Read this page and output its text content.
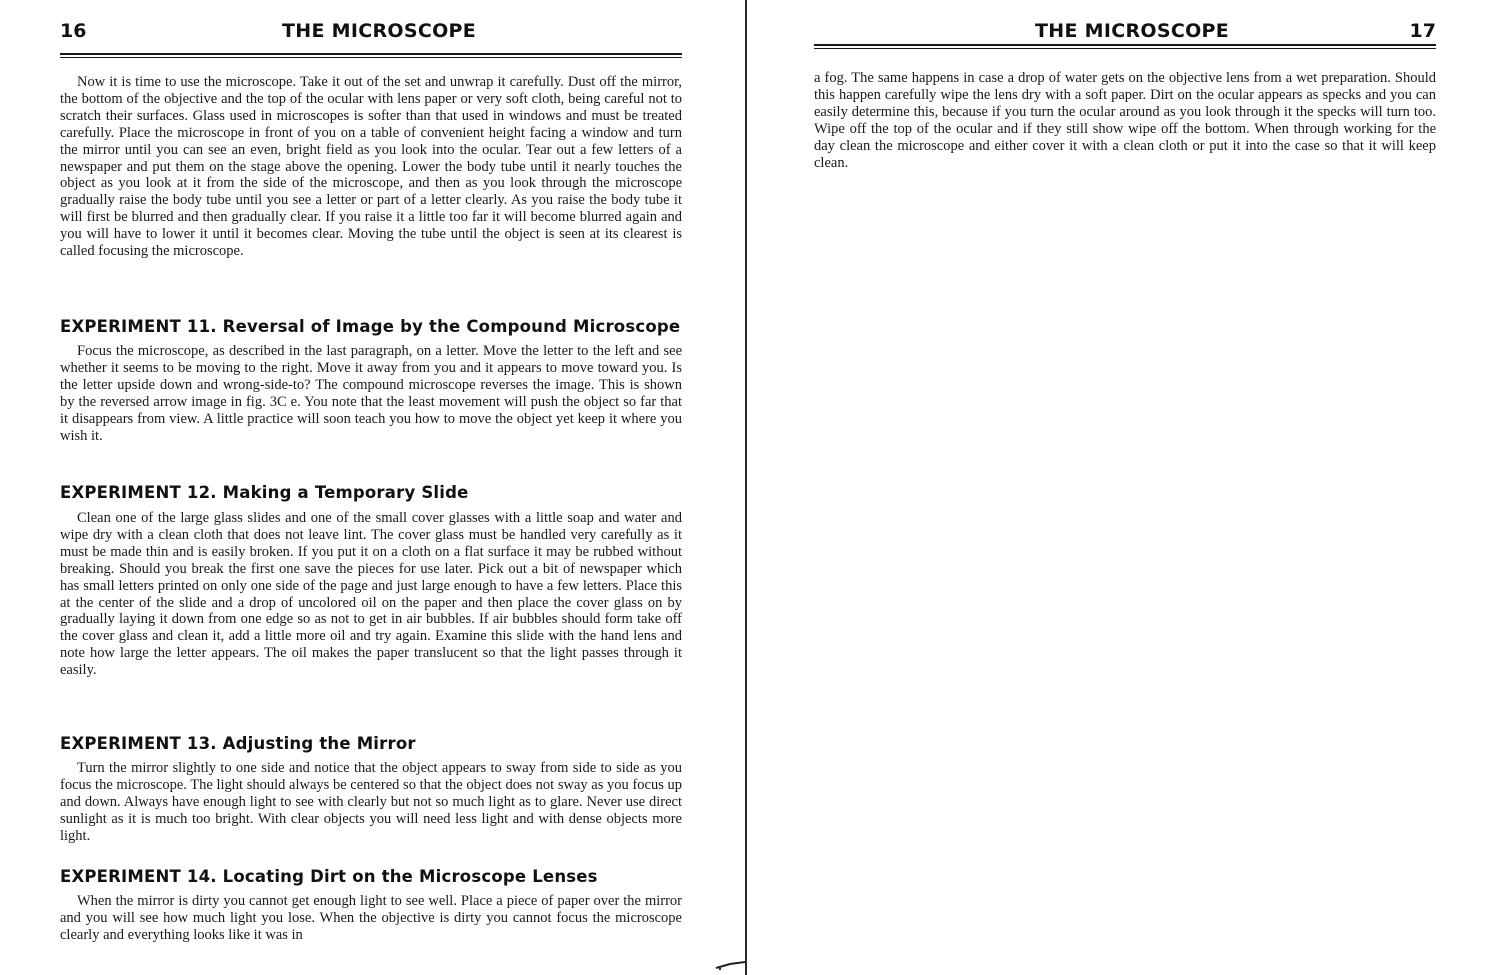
16	THE MICROSCOPE

Now it is time to use the microscope. Take it out of the set and unwrap it carefully. Dust off the mirror, the bottom of the objective and the top of the ocular with lens paper or very soft cloth, being careful not to scratch their surfaces. Glass used in microscopes is softer than that used in windows and must be treated carefully. Place the microscope in front of you on a table of convenient height facing a window and turn the mirror until you can see an even, bright field as you look into the ocular. Tear out a few letters of a newspaper and put them on the stage above the opening. Lower the body tube until it nearly touches the object as you look at it from the side of the microscope, and then as you look through the microscope gradually raise the body tube until you see a letter or part of a letter clearly. As you raise the body tube it will first be blurred and then gradually clear. If you raise it a little too far it will become blurred again and you will have to lower it until it becomes clear. Moving the tube until the object is seen at its clearest is called focusing the microscope.

EXPERIMENT 11. Reversal of Image by the Compound Microscope

Focus the microscope, as described in the last paragraph, on a letter. Move the letter to the left and see whether it seems to be moving to the right. Move it away from you and it appears to move toward you. Is the letter upside down and wrong-side-to? The compound microscope reverses the image. This is shown by the reversed arrow image in fig. 3C e. You note that the least movement will push the object so far that it disappears from view. A little practice will soon teach you how to move the object yet keep it where you wish it.

EXPERIMENT 12. Making a Temporary Slide

Clean one of the large glass slides and one of the small cover glasses with a little soap and water and wipe dry with a clean cloth that does not leave lint. The cover glass must be handled very carefully as it must be made thin and is easily broken. If you put it on a cloth on a flat surface it may be rubbed without breaking. Should you break the first one save the pieces for use later. Pick out a bit of newspaper which has small letters printed on only one side of the page and just large enough to have a few letters. Place this at the center of the slide and a drop of uncolored oil on the paper and then place the cover glass on by gradually laying it down from one edge so as not to get in air bubbles. If air bubbles should form take off the cover glass and clean it, add a little more oil and try again. Examine this slide with the hand lens and note how large the letter appears. The oil makes the paper translucent so that the light passes through it easily.

EXPERIMENT 13. Adjusting the Mirror

Turn the mirror slightly to one side and notice that the object appears to sway from side to side as you focus the microscope. The light should always be centered so that the object does not sway as you focus up and down. Always have enough light to see with clearly but not so much light as to glare. Never use direct sunlight as it is much too bright. With clear objects you will need less light and with dense objects more light.

EXPERIMENT 14. Locating Dirt on the Microscope Lenses

When the mirror is dirty you cannot get enough light to see well. Place a piece of paper over the mirror and you will see how much light you lose. When the objective is dirty you cannot focus the microscope clearly and everything looks like it was in

THE MICROSCOPE	17

a fog. The same happens in case a drop of water gets on the objective lens from a wet preparation. Should this happen carefully wipe the lens dry with a soft paper. Dirt on the ocular appears as specks and you can easily determine this, because if you turn the ocular around as you look through it the specks will turn too. Wipe off the top of the ocular and if they still show wipe off the bottom. When through working for the day clean the microscope and either cover it with a clean cloth or put it into the case so that it will keep clean.
